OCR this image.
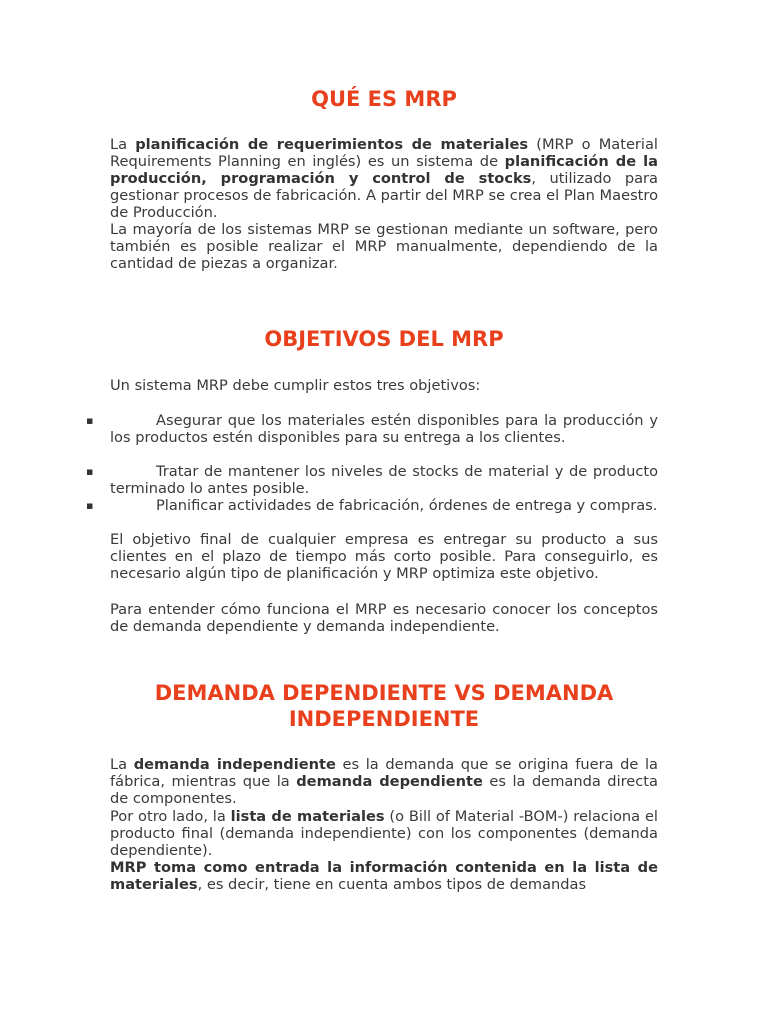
QUÉ ES MRP

La planificación de requerimientos de materiales (MRP o Material Requirements Planning en inglés) es un sistema de planificación de la producción, programación y control de stocks, utilizado para gestionar procesos de fabricación. A partir del MRP se crea el Plan Maestro de Producción.

La mayoría de los sistemas MRP se gestionan mediante un software, pero también es posible realizar el MRP manualmente, dependiendo de la cantidad de piezas a organizar.

OBJETIVOS DEL MRP

Un sistema MRP debe cumplir estos tres objetivos:

▪	Asegurar que los materiales estén disponibles para la producción y los productos estén disponibles para su entrega a los clientes.

▪	Tratar de mantener los niveles de stocks de material y de producto terminado lo antes posible.

▪	Planificar actividades de fabricación, órdenes de entrega y compras.

El objetivo final de cualquier empresa es entregar su producto a sus clientes en el plazo de tiempo más corto posible. Para conseguirlo, es necesario algún tipo de planificación y MRP optimiza este objetivo.

Para entender cómo funciona el MRP es necesario conocer los conceptos de demanda dependiente y demanda independiente.

DEMANDA DEPENDIENTE VS DEMANDA
INDEPENDIENTE

La demanda independiente es la demanda que se origina fuera de la fábrica, mientras que la demanda dependiente es la demanda directa de componentes.

Por otro lado, la lista de materiales (o Bill of Material -BOM-) relaciona el producto final (demanda independiente) con los componentes (demanda dependiente).

MRP toma como entrada la información contenida en la lista de materiales, es decir, tiene en cuenta ambos tipos de demandas
